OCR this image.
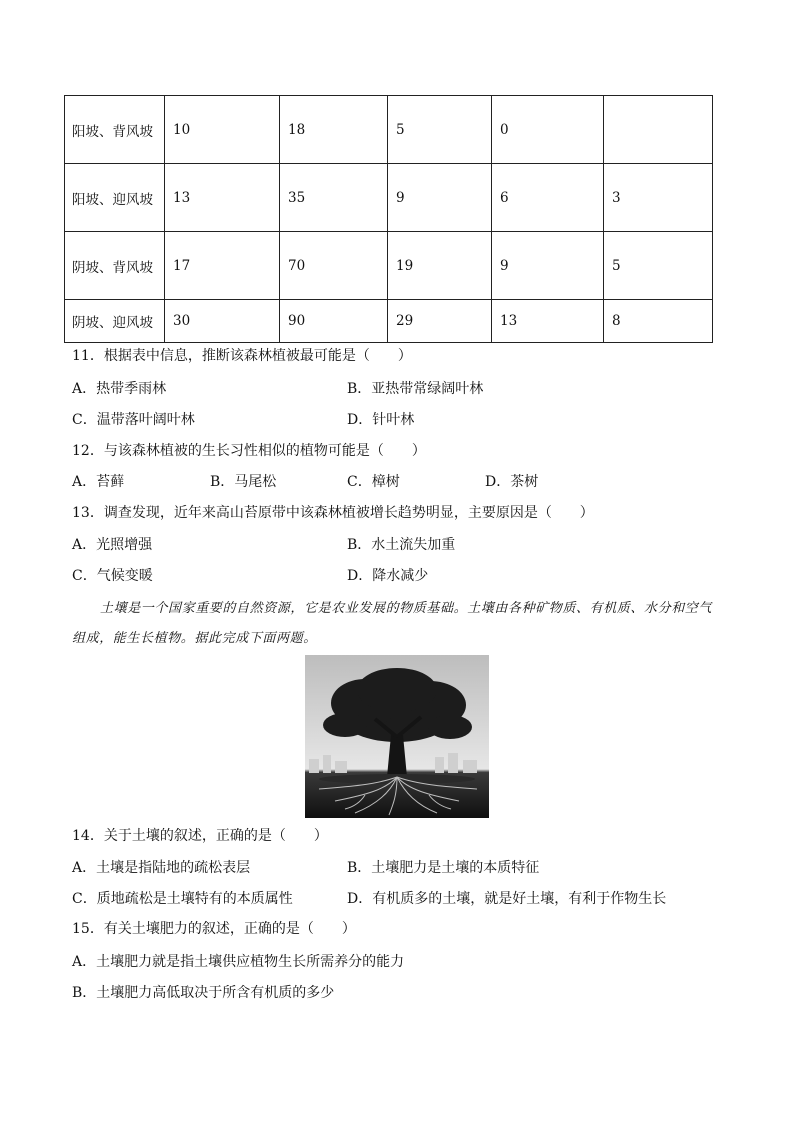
阳坡、背风坡	10	18	5	0	
阳坡、迎风坡	13	35	9	6	3
阴坡、背风坡	17	70	19	9	5
阴坡、迎风坡	30	90	29	13	8
11．根据表中信息，推断该森林植被最可能是（　　）
A．热带季雨林	B．亚热带常绿阔叶林
C．温带落叶阔叶林	D．针叶林
12．与该森林植被的生长习性相似的植物可能是（　　）
A．苔藓	B．马尾松	C．樟树	D．茶树
13．调查发现，近年来高山苔原带中该森林植被增长趋势明显，主要原因是（　　）
A．光照增强	B．水土流失加重
C．气候变暖	D．降水减少
土壤是一个国家重要的自然资源，它是农业发展的物质基础。土壤由各种矿物质、有机质、水分和空气组成，能生长植物。据此完成下面两题。
14．关于土壤的叙述，正确的是（　　）
A．土壤是指陆地的疏松表层	B．土壤肥力是土壤的本质特征
C．质地疏松是土壤特有的本质属性	D．有机质多的土壤，就是好土壤，有利于作物生长
15．有关土壤肥力的叙述，正确的是（　　）
A．土壤肥力就是指土壤供应植物生长所需养分的能力
B．土壤肥力高低取决于所含有机质的多少
